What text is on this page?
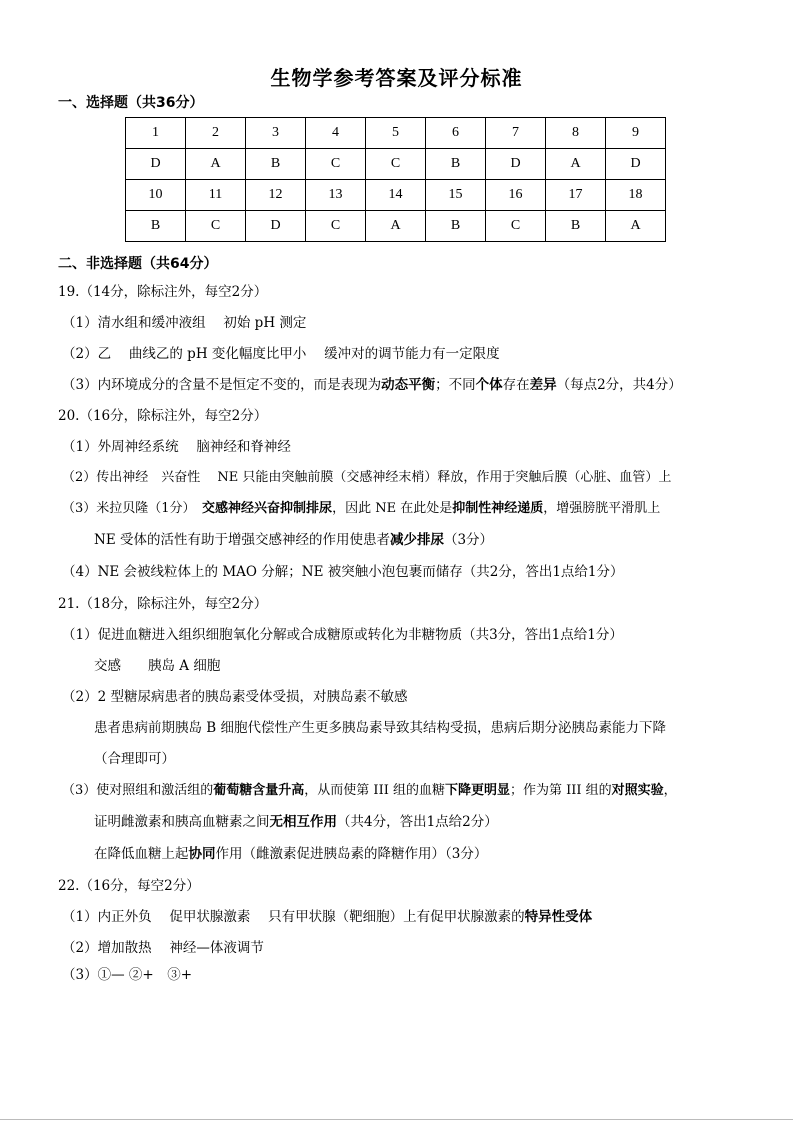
生物学参考答案及评分标准
一、选择题（共36分）
1	2	3	4	5	6	7	8	9
D	A	B	C	C	B	D	A	D
10	11	12	13	14	15	16	17	18
B	C	D	C	A	B	C	B	A
二、非选择题（共64分）
19.（14分，除标注外，每空2分）
（1）清水组和缓冲液组　 初始 pH 测定
（2）乙　 曲线乙的 pH 变化幅度比甲小　 缓冲对的调节能力有一定限度
（3）内环境成分的含量不是恒定不变的，而是表现为动态平衡；不同个体存在差异（每点2分，共4分）
20.（16分，除标注外，每空2分）
（1）外周神经系统　 脑神经和脊神经
（2）传出神经　兴奋性　 NE 只能由突触前膜（交感神经末梢）释放，作用于突触后膜（心脏、血管）上
（3）米拉贝隆（1分）　交感神经兴奋抑制排尿，因此 NE 在此处是抑制性神经递质，增强膀胱平滑肌上
NE 受体的活性有助于增强交感神经的作用使患者减少排尿（3分）
（4）NE 会被线粒体上的 MAO 分解；NE 被突触小泡包裹而储存（共2分，答出1点给1分）
21.（18分，除标注外，每空2分）
（1）促进血糖进入组织细胞氧化分解或合成糖原或转化为非糖物质（共3分，答出1点给1分）
交感　　胰岛 A 细胞
（2）2 型糖尿病患者的胰岛素受体受损，对胰岛素不敏感
患者患病前期胰岛 B 细胞代偿性产生更多胰岛素导致其结构受损，患病后期分泌胰岛素能力下降
（合理即可）
（3）使对照组和激活组的葡萄糖含量升高，从而使第 III 组的血糖下降更明显；作为第 III 组的对照实验，
证明雌激素和胰高血糖素之间无相互作用（共4分，答出1点给2分）
在降低血糖上起协同作用（雌激素促进胰岛素的降糖作用）（3分）
22.（16分，每空2分）
（1）内正外负　 促甲状腺激素　 只有甲状腺（靶细胞）上有促甲状腺激素的特异性受体
（2）增加散热　 神经—体液调节
（3）①— ②+　③+
